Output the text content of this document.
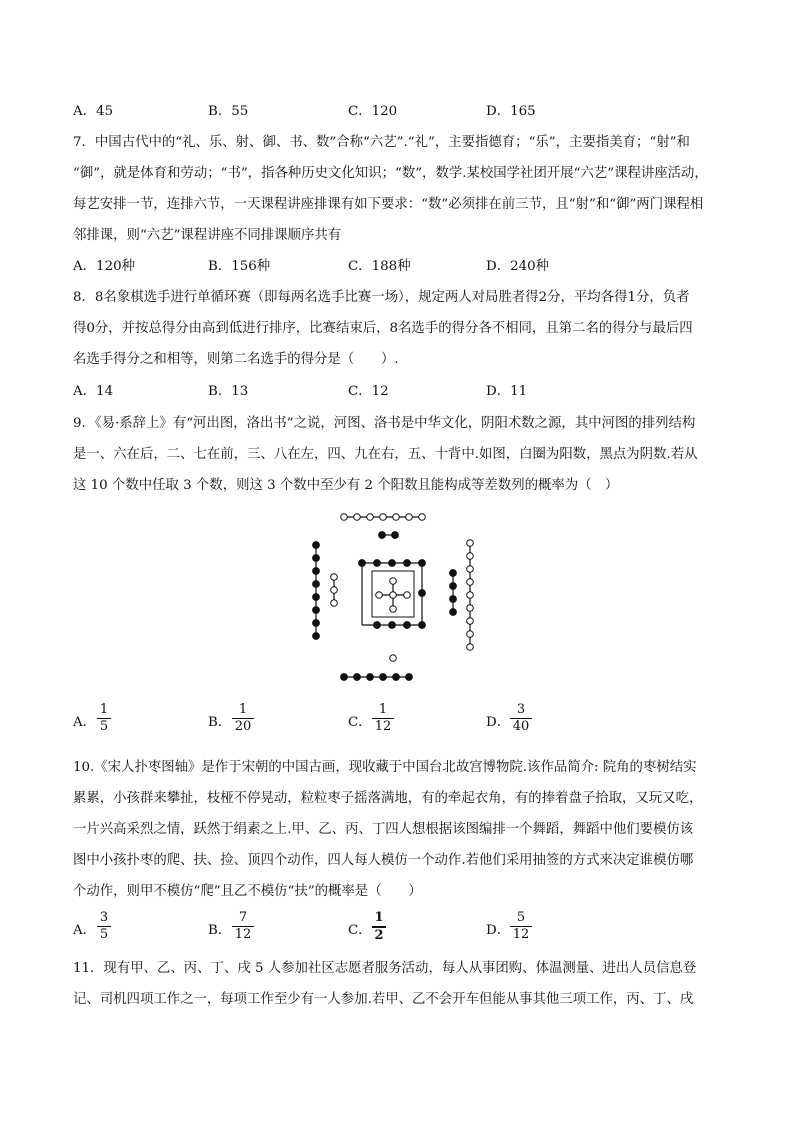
A．45	B．55	C．120	D．165
7．中国古代中的“礼、乐、射、御、书、数”合称“六艺”.“礼”，主要指德育；“乐”，主要指美育；“射”和
“御”，就是体育和劳动；“书”，指各种历史文化知识；“数”，数学.某校国学社团开展“六艺”课程讲座活动，
每艺安排一节，连排六节，一天课程讲座排课有如下要求：“数”必须排在前三节，且“射”和“御”两门课程相
邻排课，则“六艺”课程讲座不同排课顺序共有
A．120种	B．156种	C．188种	D．240种
8．8名象棋选手进行单循环赛（即每两名选手比赛一场），规定两人对局胜者得2分，平均各得1分，负者
得0分，并按总得分由高到低进行排序，比赛结束后，8名选手的得分各不相同，且第二名的得分与最后四
名选手得分之和相等，则第二名选手的得分是（　　）.
A．14	B．13	C．12	D．11
9．《易·系辞上》有“河出图，洛出书”之说，河图、洛书是中华文化，阴阳术数之源，其中河图的排列结构
是一、六在后，二、七在前，三、八在左，四、九在右，五、十背中.如图，白圈为阳数，黑点为阴数.若从
这 10 个数中任取 3 个数，则这 3 个数中至少有 2 个阳数且能构成等差数列的概率为（　）
A．
1
5	B．
1
20	C．
1
12	D．
3
40
10.《宋人扑枣图轴》是作于宋朝的中国古画，现收藏于中国台北故宫博物院.该作品简介: 院角的枣树结实
累累，小孩群来攀扯，枝桠不停晃动，粒粒枣子摇落满地，有的牵起衣角，有的捧着盘子拾取，又玩又吃，
一片兴高采烈之情，跃然于绢素之上.甲、乙、丙、丁四人想根据该图编排一个舞蹈，舞蹈中他们要模仿该
图中小孩扑枣的爬、扶、捡、顶四个动作，四人每人模仿一个动作.若他们采用抽签的方式来决定谁模仿哪
个动作，则甲不模仿“爬”且乙不模仿“扶”的概率是（　　）
A．
3
5	B．
7
12	C．
1
2	D．
5
12
11．现有甲、乙、丙、丁、戌 5 人参加社区志愿者服务活动，每人从事团购、体温测量、进出人员信息登
记、司机四项工作之一，每项工作至少有一人参加.若甲、乙不会开车但能从事其他三项工作，丙、丁、戌
